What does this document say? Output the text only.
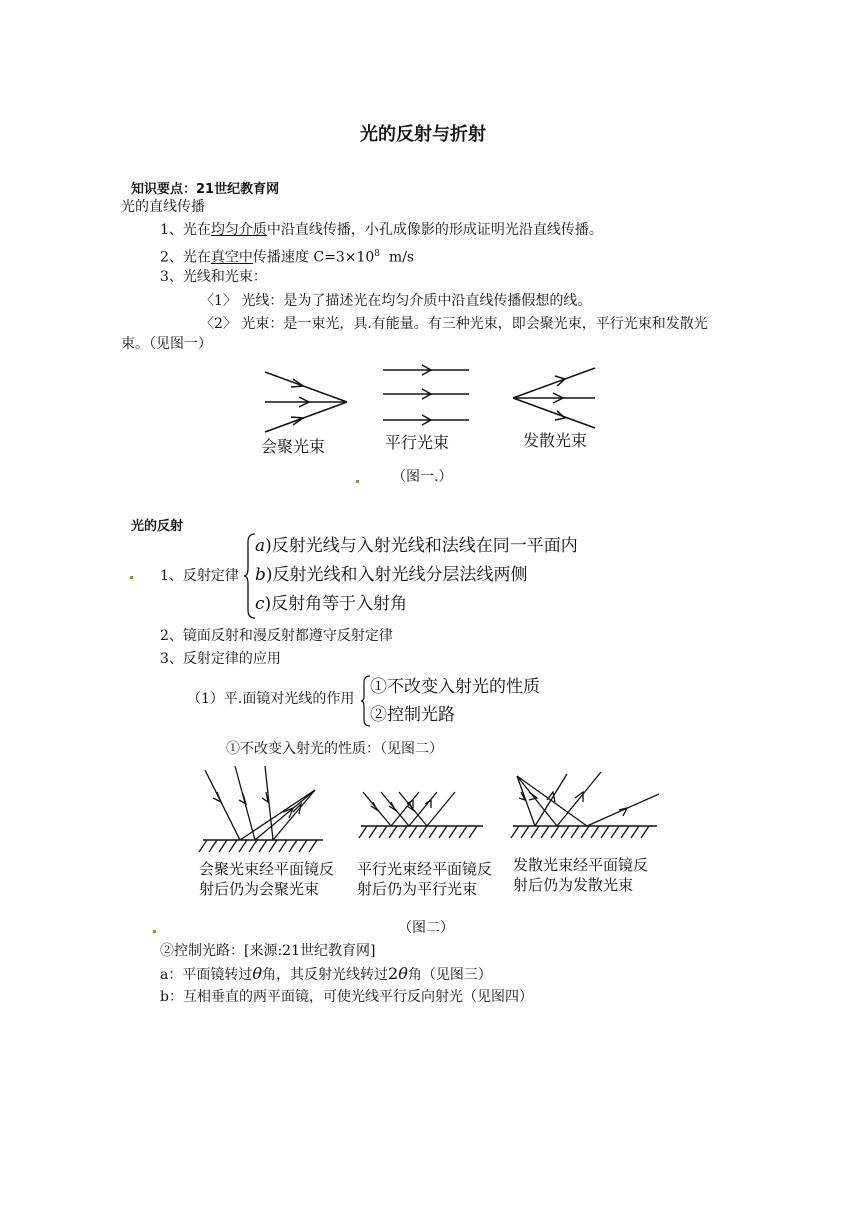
光的反射与折射
知识要点：21世纪教育网
光的直线传播
1、光在均匀介质中沿直线传播，小孔成像影的形成证明光沿直线传播。
2、光在真空中传播速度 $C=3\times 10^8$ m/s
3、光线和光束：
〈1〉 光线：是为了描述光在均匀介质中沿直线传播假想的线。
〈2〉 光束：是一束光，具.有能量。有三种光束，即会聚光束，平行光束和发散光
束。（见图一）
会聚光束	平行光束	发散光束
（图一.）
光的反射
1、反射定律
a)反射光线与入射光线和法线在同一平面内
b)反射光线和入射光线分层法线两侧
c)反射角等于入射角
2、镜面反射和漫反射都遵守反射定律
3、反射定律的应用
（1）平.面镜对光线的作用
①不改变入射光的性质
②控制光路
①不改变入射光的性质：（见图二）
会聚光束经平面镜反
射后仍为会聚光束
平行光束经平面镜反
射后仍为平行光束
发散光束经平面镜反
射后仍为发散光束
（图二）
②控制光路：[来源:21世纪教育网]
a：平面镜转过θ角，其反射光线转过2θ角（见图三）
b：互相垂直的两平面镜，可使光线平行反向射光（见图四）
